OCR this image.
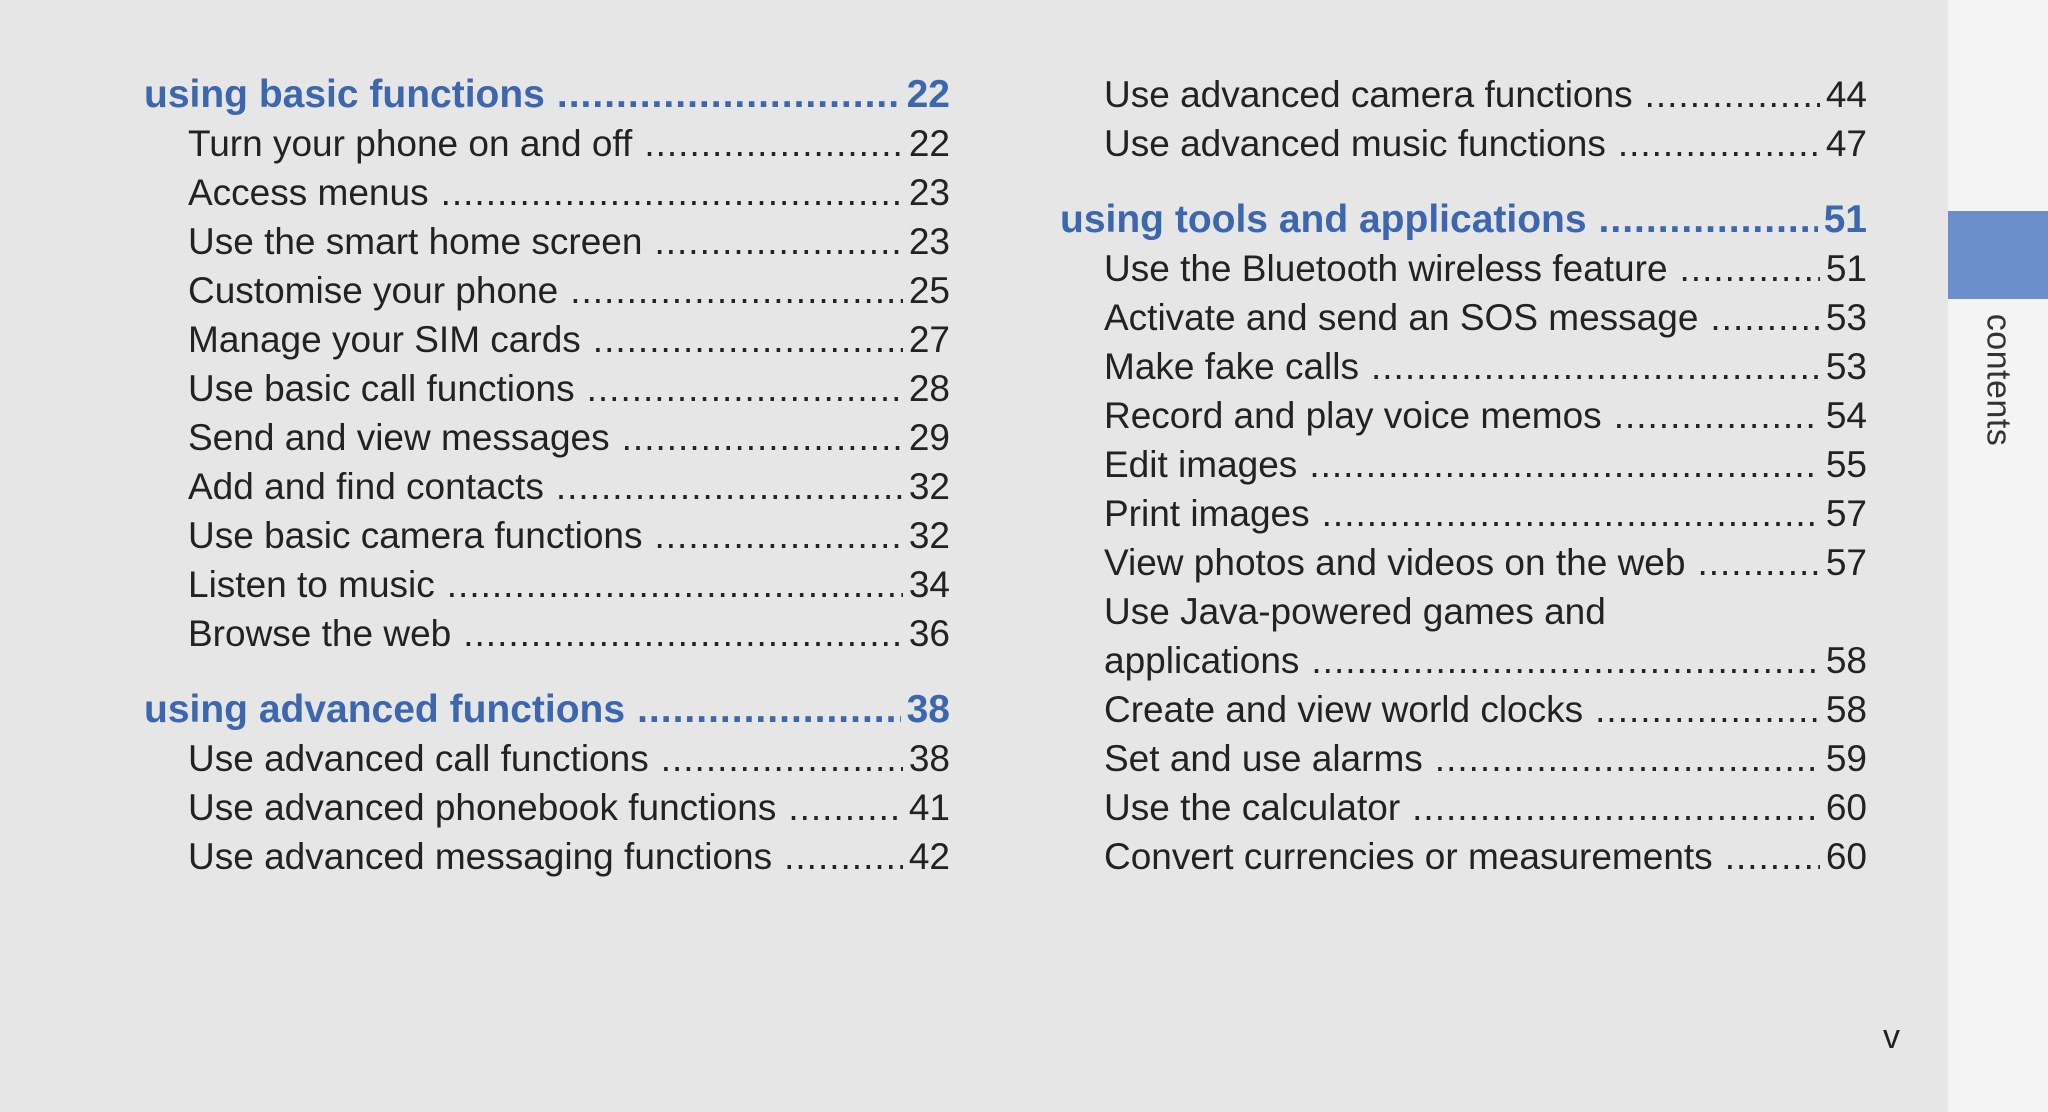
using basic functions .....	22
Turn your phone on and off .....	22
Access menus .....	23
Use the smart home screen .....	23
Customise your phone .....	25
Manage your SIM cards .....	27
Use basic call functions .....	28
Send and view messages .....	29
Add and find contacts .....	32
Use basic camera functions .....	32
Listen to music .....	34
Browse the web .....	36
using advanced functions .....	38
Use advanced call functions .....	38
Use advanced phonebook functions .....	41
Use advanced messaging functions .....	42
Use advanced camera functions .....	44
Use advanced music functions .....	47
using tools and applications .....	51
Use the Bluetooth wireless feature .....	51
Activate and send an SOS message .....	53
Make fake calls .....	53
Record and play voice memos .....	54
Edit images .....	55
Print images .....	57
View photos and videos on the web .....	57
Use Java-powered games and
applications .....	58
Create and view world clocks .....	58
Set and use alarms .....	59
Use the calculator .....	60
Convert currencies or measurements .....	60
v
contents
